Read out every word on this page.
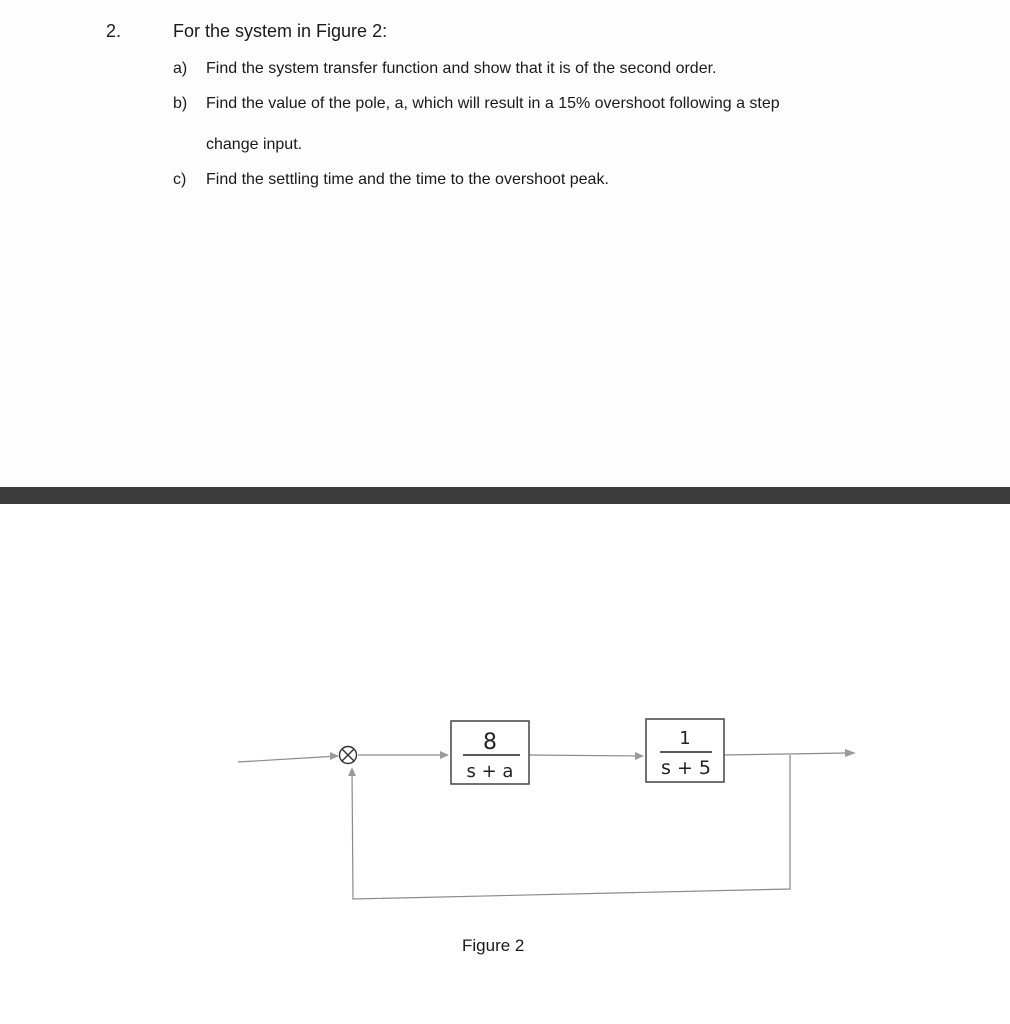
2.	For the system in Figure 2:
a) Find the system transfer function and show that it is of the second order.
b) Find the value of the pole, a, which will result in a 15% overshoot following a step
change input.
c) Find the settling time and the time to the overshoot peak.
8
s + a
1
s + 5
Figure 2
